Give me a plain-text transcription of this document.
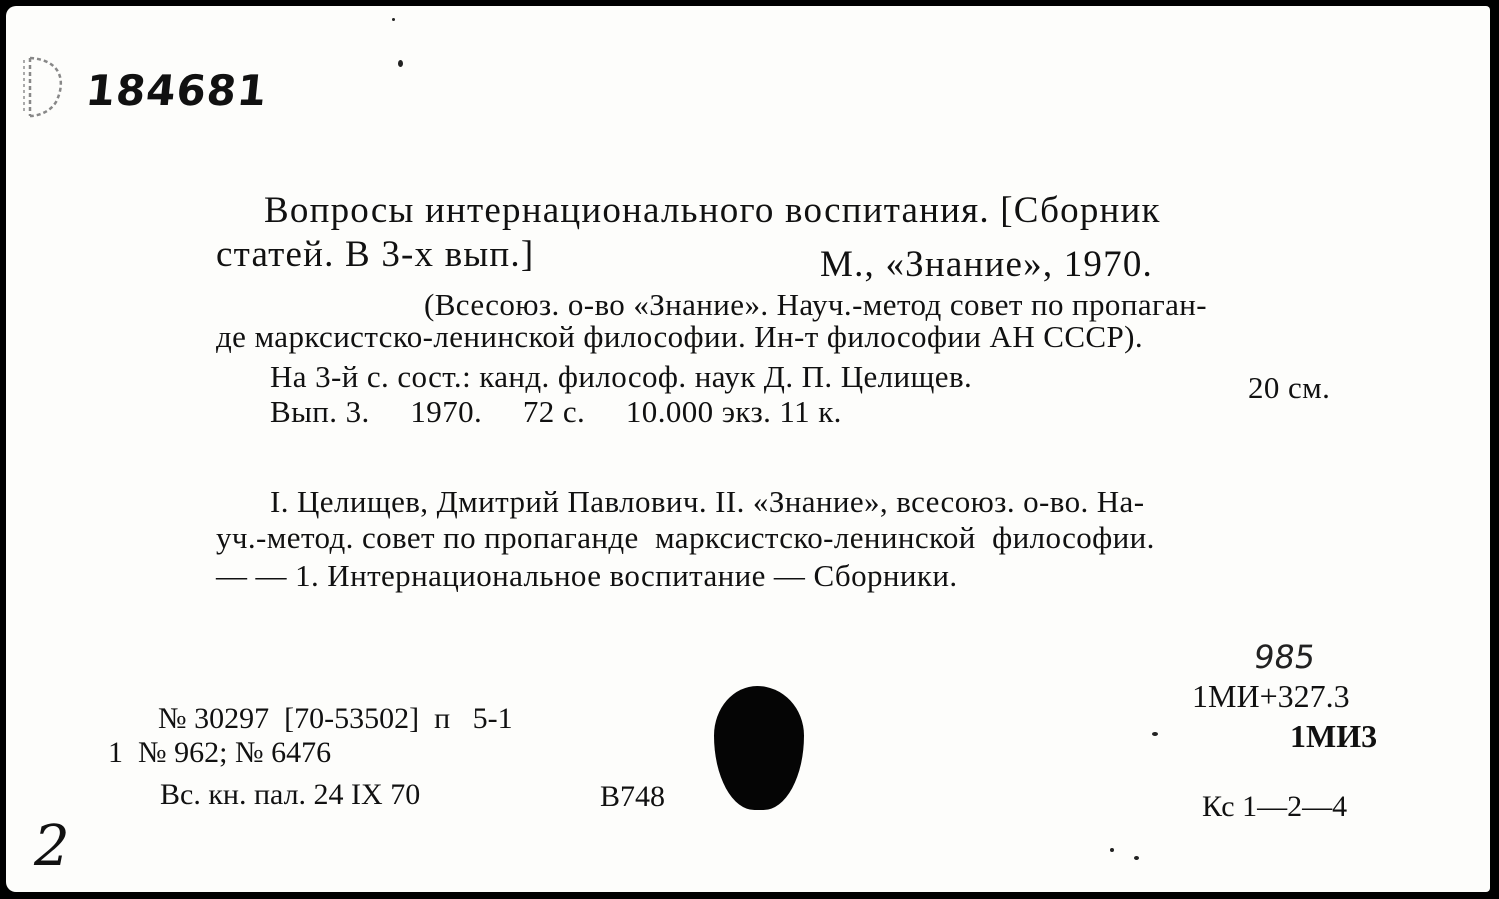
184681
Вопросы интернационального воспитания. [Сборник
статей. В 3-х вып.]	М., «Знание», 1970.
(Всесоюз. о-во «Знание». Науч.-метод совет по пропаган-
де марксистско-ленинской философии. Ин-т философии АН СССР).
На 3-й с. сост.: канд. философ. наук Д. П. Целищев.	20 см.
Вып. 3.     1970.     72 с.     10.000 экз. 11 к.
I. Целищев, Дмитрий Павлович. II. «Знание», всесоюз. о-во. На-
уч.-метод. совет по пропаганде  марксистско-ленинской  философии.
— — 1. Интернациональное воспитание — Сборники.
№ 30297  [70-53502]  п   5-1
1  № 962; № 6476
Вс. кн. пал. 24 IX 70	В748
985
1МИ+327.3
1МИ3
Кс 1—2—4
2
